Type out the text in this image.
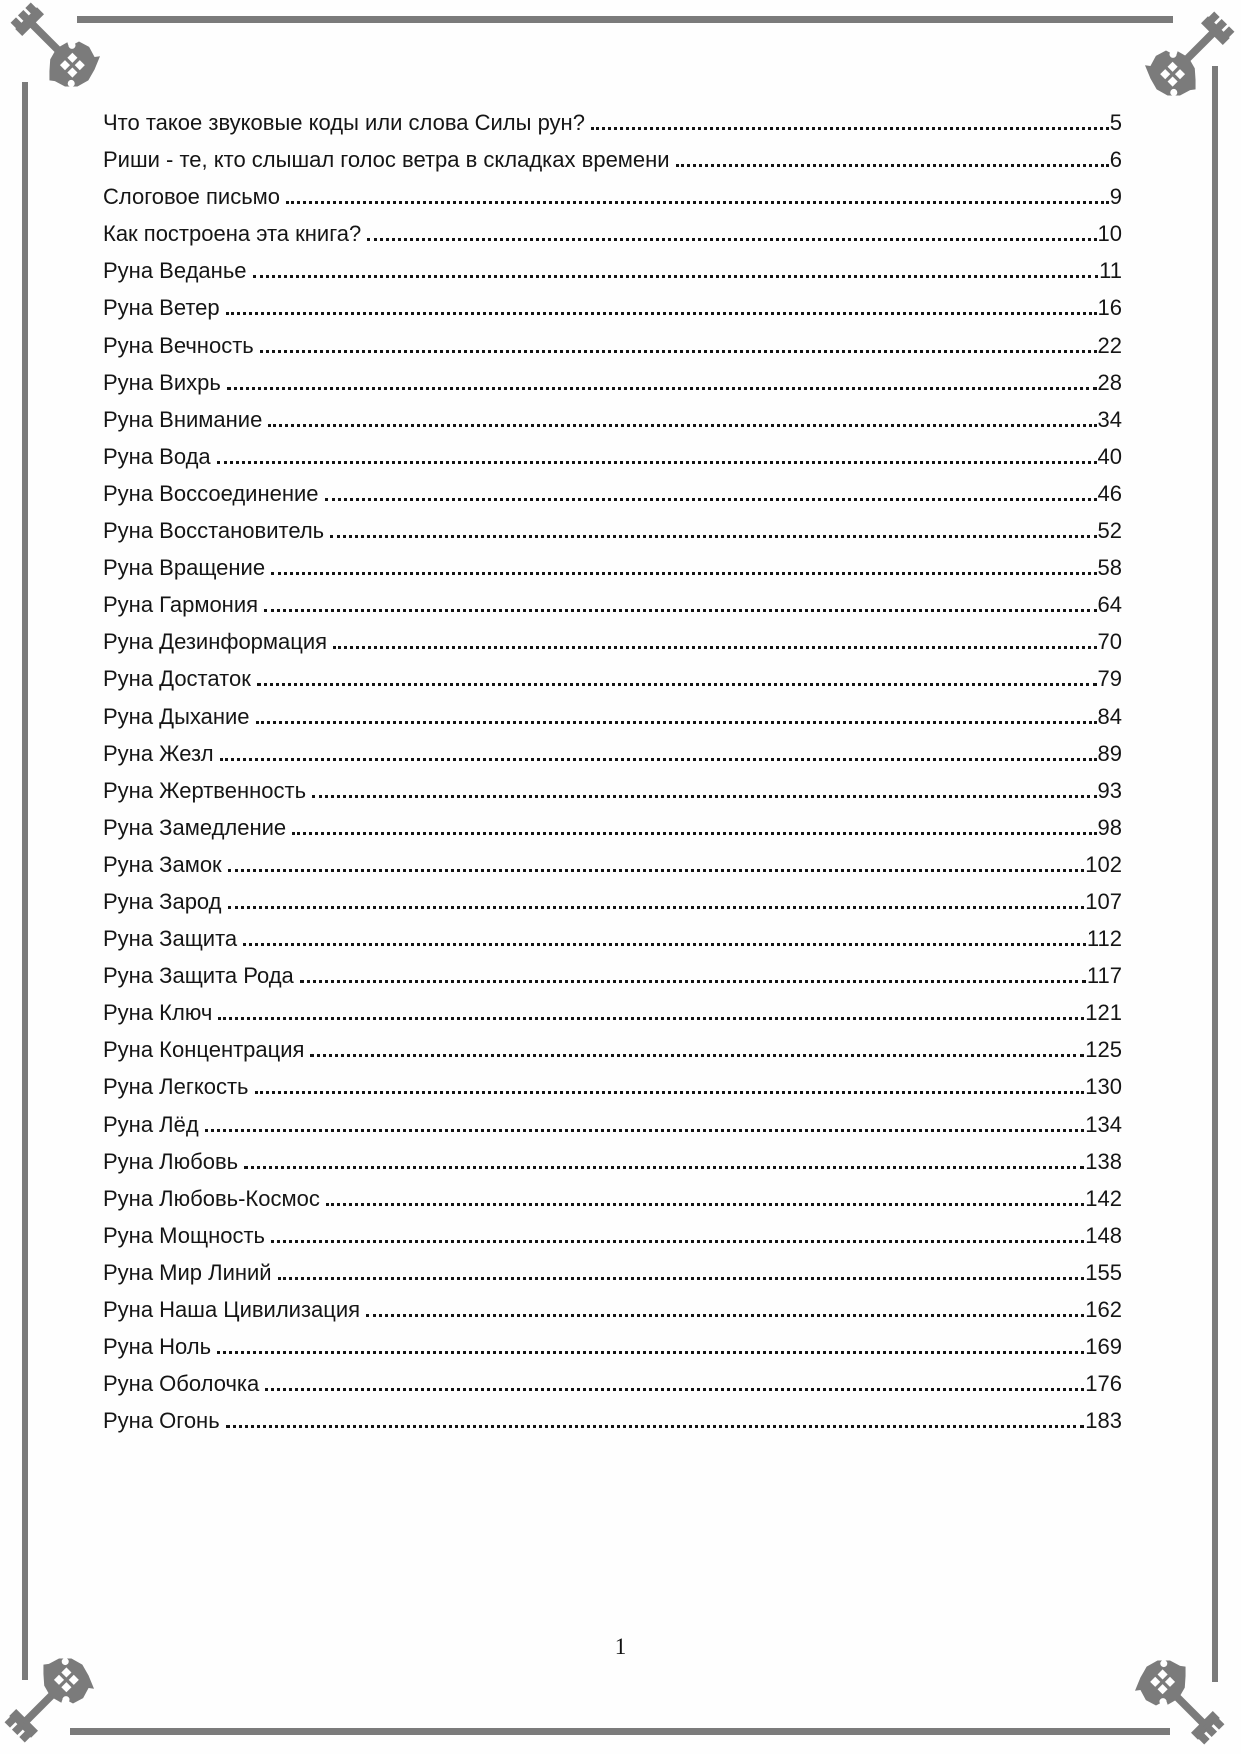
Что такое звуковые коды или слова Силы рун?	5
Риши - те, кто слышал голос ветра в складках времени	6
Слоговое письмо	9
Как построена эта книга?	10
Руна Веданье	11
Руна Ветер	16
Руна Вечность	22
Руна Вихрь	28
Руна Внимание	34
Руна Вода	40
Руна Воссоединение	46
Руна Восстановитель	52
Руна Вращение	58
Руна Гармония	64
Руна Дезинформация	70
Руна Достаток	79
Руна Дыхание	84
Руна Жезл	89
Руна Жертвенность	93
Руна Замедление	98
Руна Замок	102
Руна Зарод	107
Руна Защита	112
Руна Защита Рода	117
Руна Ключ	121
Руна Концентрация	125
Руна Легкость	130
Руна Лёд	134
Руна Любовь	138
Руна Любовь-Космос	142
Руна Мощность	148
Руна Мир Линий	155
Руна Наша Цивилизация	162
Руна Ноль	169
Руна Оболочка	176
Руна Огонь	183
1
